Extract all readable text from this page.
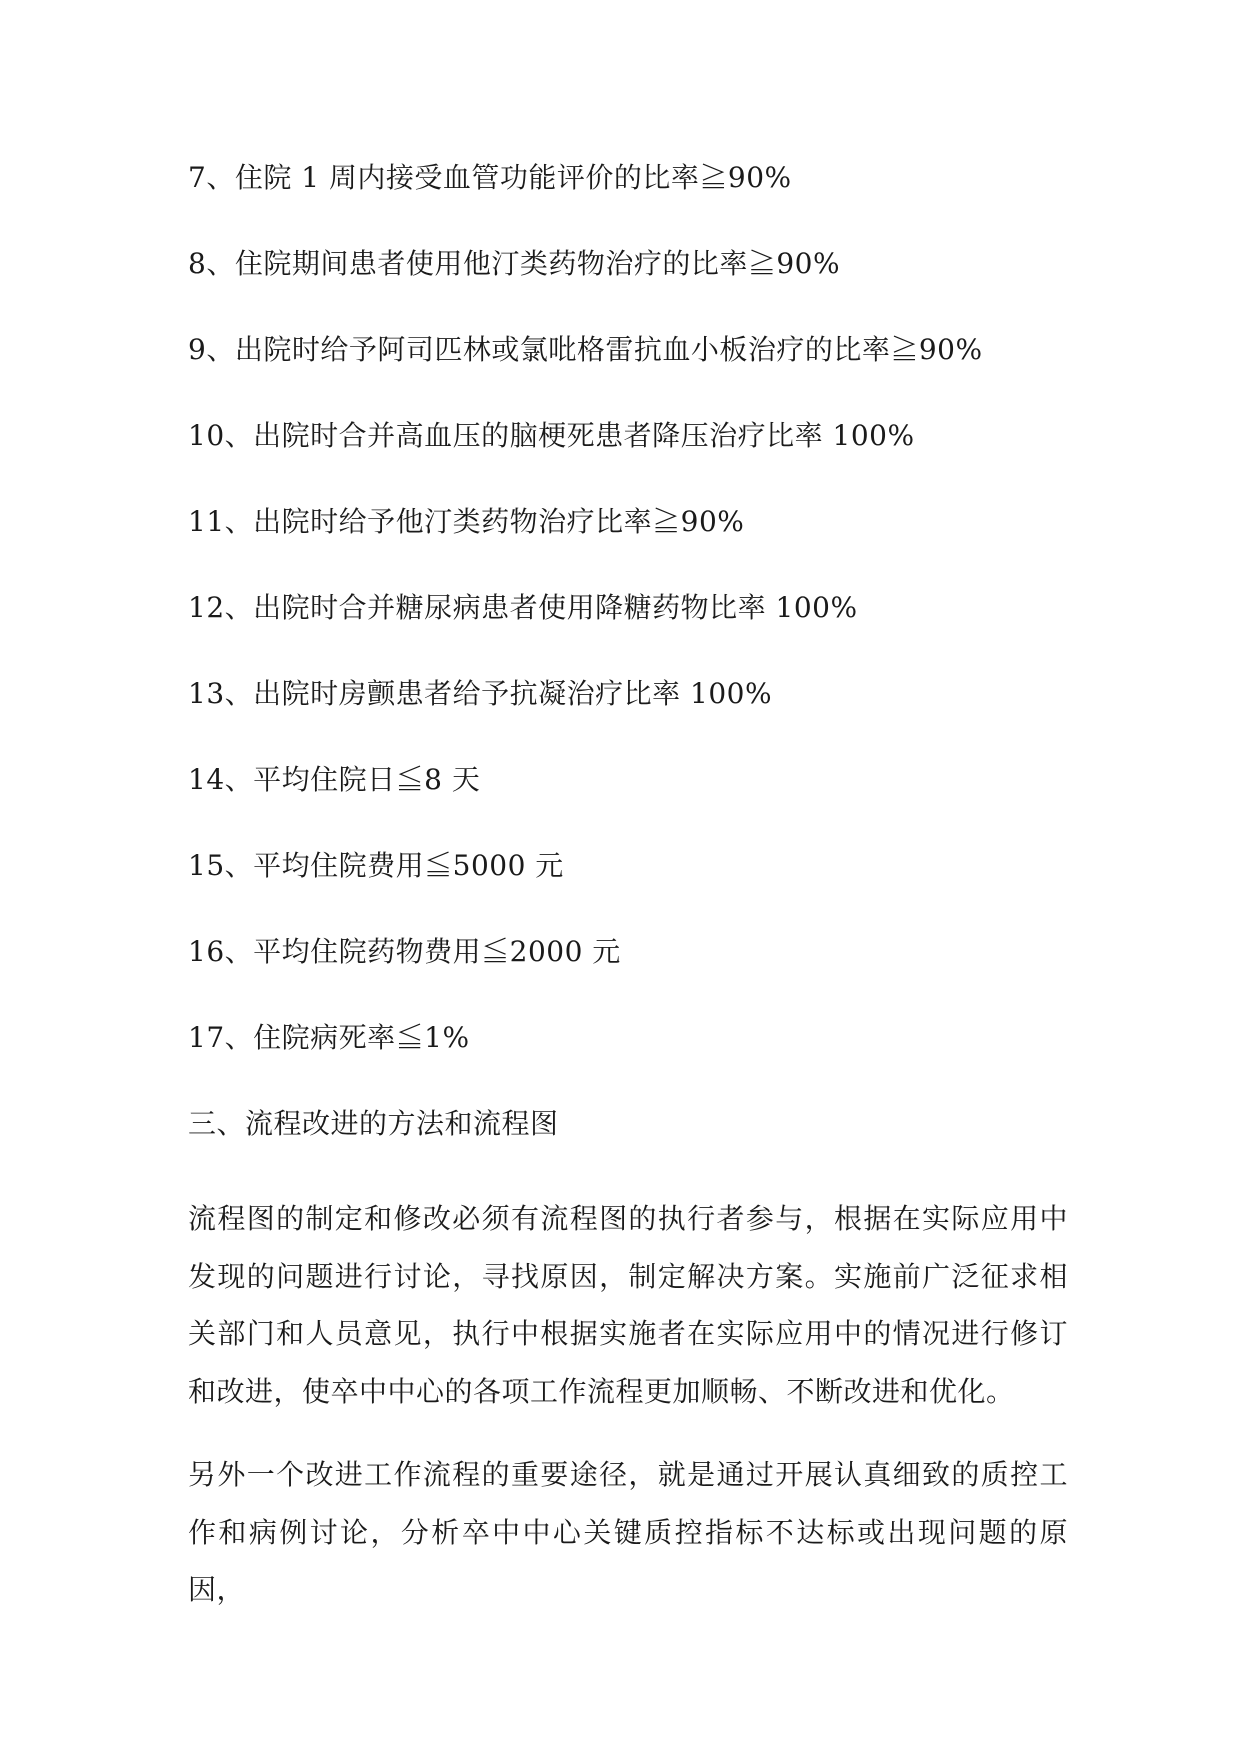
7、住院 1 周内接受血管功能评价的比率≧90%
8、住院期间患者使用他汀类药物治疗的比率≧90%
9、出院时给予阿司匹林或氯吡格雷抗血小板治疗的比率≧90%
10、出院时合并高血压的脑梗死患者降压治疗比率 100%
11、出院时给予他汀类药物治疗比率≧90%
12、出院时合并糖尿病患者使用降糖药物比率 100%
13、出院时房颤患者给予抗凝治疗比率 100%
14、平均住院日≦8 天
15、平均住院费用≦5000 元
16、平均住院药物费用≦2000 元
17、住院病死率≦1%
三、流程改进的方法和流程图
流程图的制定和修改必须有流程图的执行者参与，根据在实际应用中发现的问题进行讨论，寻找原因，制定解决方案。实施前广泛征求相关部门和人员意见，执行中根据实施者在实际应用中的情况进行修订和改进，使卒中中心的各项工作流程更加顺畅、不断改进和优化。
另外一个改进工作流程的重要途径，就是通过开展认真细致的质控工作和病例讨论，分析卒中中心关键质控指标不达标或出现问题的原因，
